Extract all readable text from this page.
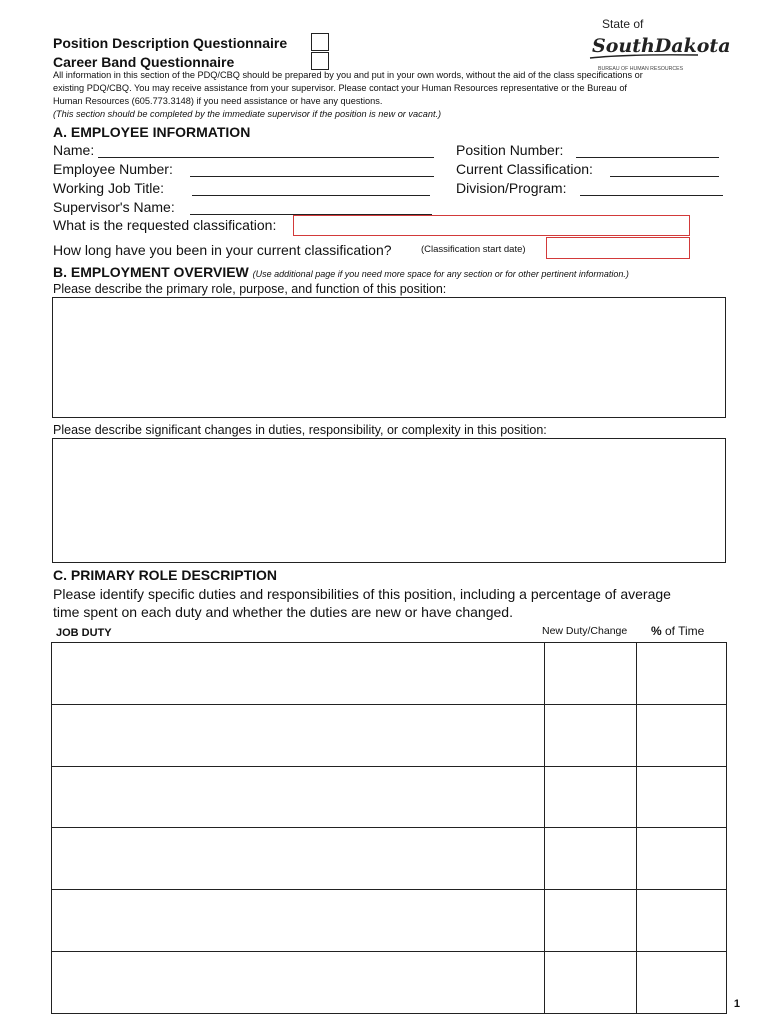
Position Description Questionnaire
Career Band Questionnaire
State of
SouthDakota
BUREAU OF HUMAN RESOURCES

All information in this section of the PDQ/CBQ should be prepared by you and put in your own words, without the aid of the class specifications or

existing PDQ/CBQ. You may receive assistance from your supervisor. Please contact your Human Resources representative or the Bureau of

Human Resources (605.773.3148) if you need assistance or have any questions.

(This section should be completed by the immediate supervisor if the position is new or vacant.)

A. EMPLOYEE INFORMATION
Name:
Employee Number:
Working Job Title:
Supervisor's Name:
Position Number:
Current Classification:
Division/Program:
What is the requested classification:
How long have you been in your current classification?	(Classification start date)
B. EMPLOYMENT OVERVIEW (Use additional page if you need more space for any section or for other pertinent information.)
Please describe the primary role, purpose, and function of this position:
Please describe significant changes in duties, responsibility, or complexity in this position:
C. PRIMARY ROLE DESCRIPTION
Please identify specific duties and responsibilities of this position, including a percentage of average
time spent on each duty and whether the duties are new or have changed.
JOB DUTY	New Duty/Change % of Time

1
